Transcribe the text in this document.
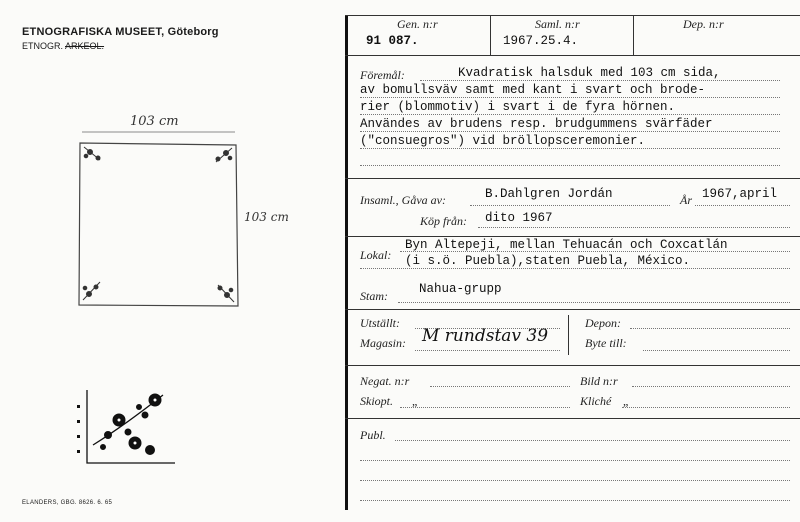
ETNOGRAFISKA MUSEET, Göteborg
ETNOGR. ARKEOL.
103 cm
103 cm
ELANDERS, GBG. 8626. 6. 65
Gen. n:r
91 087.
Saml. n:r
1967.25.4.
Dep. n:r
Föremål:	Kvadratisk halsduk med 103 cm sida,
av bomullsväv samt med kant i svart och brode-
rier (blommotiv) i svart i de fyra hörnen.
Användes av brudens resp. brudgummens svärfäder
("consuegros") vid bröllopsceremonier.
Insaml., Gåva av:	B.Dahlgren Jordán	År 1967,april
Köp från: dito 1967
Lokal:
Byn Altepeji, mellan Tehuacán och Coxcatlán
(i s.ö. Puebla),staten Puebla, México.
Stam: Nahua-grupp
Utställt:	Depon:
Magasin: M rundstav 39	Byte till:
Negat. n:r	Bild n:r
Skiopt. „	Kliché „
Publ.
